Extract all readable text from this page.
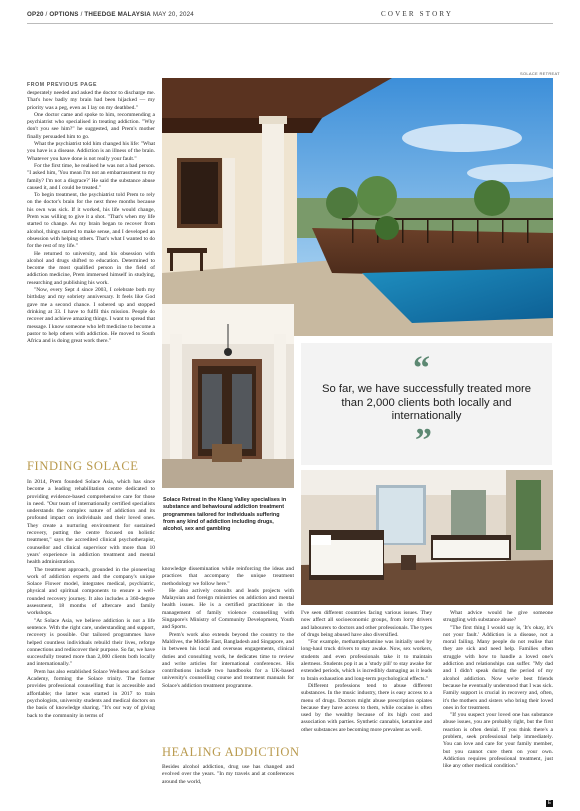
OP20 / OPTIONS / THEEDGE MALAYSIA MAY 20, 2024	COVER STORY
FROM PREVIOUS PAGE

desperately needed and asked the doctor to discharge me. That's how badly my brain had been hijacked — my priority was a peg, even as I lay on my deathbed."

One doctor came and spoke to him, recommending a psychiatrist who specialised in treating addiction. "Why don't you see him?" he suggested, and Prem's mother finally persuaded him to go.

What the psychiatrist told him changed his life: "What you have is a disease. Addiction is an illness of the brain. Whatever you have done is not really your fault."

For the first time, he realised he was not a bad person. "I asked him, 'You mean I'm not an embarrassment to my family? I'm not a disgrace?' He said the substance abuse caused it, and I could be treated."

To begin treatment, the psychiatrist told Prem to rely on the doctor's brain for the next three months because his own was sick. If it worked, his life would change, Prem was willing to give it a shot. "That's when my life started to change. As my brain began to recover from alcohol, things started to make sense, and I developed an obsession with helping others. That's what I wanted to do for the rest of my life."

He returned to university, and his obsession with alcohol and drugs shifted to education. Determined to become the most qualified person in the field of addiction medicine, Prem immersed himself in studying, researching and publishing his work.

"Now, every Sept 4 since 2003, I celebrate both my birthday and my sobriety anniversary. It feels like God gave me a second chance. I sobered up and stopped drinking at 33. I have to fulfil this mission. People do recover and achieve amazing things. I want to spread that message. I know someone who left medicine to become a pastor to help others with addiction. He moved to South Africa and is doing great work there."

FINDING SOLACE

In 2014, Prem founded Solace Asia, which has since become a leading rehabilitation centre dedicated to providing evidence-based comprehensive care for those in need. "Our team of internationally certified specialists understands the complex nature of addiction and its profound impact on individuals and their loved ones. They create a nurturing environment for sustained recovery, putting the centre focused on holistic treatment," says the accredited clinical psychotherapist, counsellor and clinical supervisor with more than 10 years' experience in addiction treatment and mental health administration.

The treatment approach, grounded in the pioneering work of addiction experts and the company's unique Solace Flower model, integrates medical, psychiatric, physical and spiritual components to ensure a well-rounded recovery journey. It also includes a 360-degree assessment, 18 months of aftercare and family workshops.

"At Solace Asia, we believe addiction is not a life sentence. With the right care, understanding and support, recovery is possible. Our tailored programmes have helped countless individuals rebuild their lives, reforge connections and rediscover their purpose. So far, we have successfully treated more than 2,000 clients both locally and internationally."

Prem has also established Solace Wellness and Solace Academy, forming the Solace trinity. The former provides professional counselling that is accessible and affordable; the latter was started in 2017 to train psychologists, university students and medical doctors on the basis of knowledge sharing. "It's our way of giving back to the community in terms of

knowledge dissemination while reinforcing the ideas and practices that accompany the unique treatment methodology we follow here."

He also actively consults and leads projects with Malaysian and foreign ministries on addiction and mental health issues. He is a certified practitioner in the management of family violence counselling with Singapore's Ministry of Community Development, Youth and Sports.

Prem's work also extends beyond the country to the Maldives, the Middle East, Bangladesh and Singapore, and in between his local and overseas engagements, clinical duties and consulting work, he dedicates time to review and write articles for international conferences. His contributions include two handbooks for a UK-based university's counselling course and treatment manuals for Solace's addiction treatment programme.

HEALING ADDICTION

Besides alcohol addiction, drug use has changed and evolved over the years. "In my travels and at conferences around the world,

I've seen different countries facing various issues. They now affect all socioeconomic groups, from lorry drivers and labourers to doctors and other professionals. The types of drugs being abused have also diversified.

"For example, methamphetamine was initially used by long-haul truck drivers to stay awake. Now, sex workers, students and even professionals take it to maintain alertness. Students pop it as a 'study pill' to stay awake for extended periods, which is incredibly damaging as it leads to brain exhaustion and long-term psychological effects."

Different professions tend to abuse different substances. In the music industry, there is easy access to a menu of drugs. Doctors might abuse prescription opiates because they have access to them, while cocaine is often used by the wealthy because of its high cost and association with parties. Synthetic cannabis, ketamine and other substances are becoming more prevalent as well.

What advice would he give someone struggling with substance abuse?

"The first thing I would say is, 'It's okay, it's not your fault.' Addiction is a disease, not a moral failing. Many people do not realise that they are sick and need help. Families often struggle with how to handle a loved one's addiction and relationships can suffer. "My dad and I didn't speak during the period of my alcohol addiction. Now we're best friends because he eventually understood that I was sick. Family support is crucial in recovery and, often, it's the mothers and sisters who bring their loved ones in for treatment.

"If you suspect your loved one has substance abuse issues, you are probably right, but the first reaction is often denial. If you think there's a problem, seek professional help immediately. You can love and care for your family member, but you cannot cure them on your own. Addiction requires professional treatment, just like any other medical condition."

SOLACE RETREAT
“
So far, we have successfully treated more than 2,000 clients both locally and internationally
”
Solace Retreat in the Klang Valley specialises in substance and behavioural addiction treatment programmes tailored for individuals suffering from any kind of addiction including drugs, alcohol, sex and gambling
E
